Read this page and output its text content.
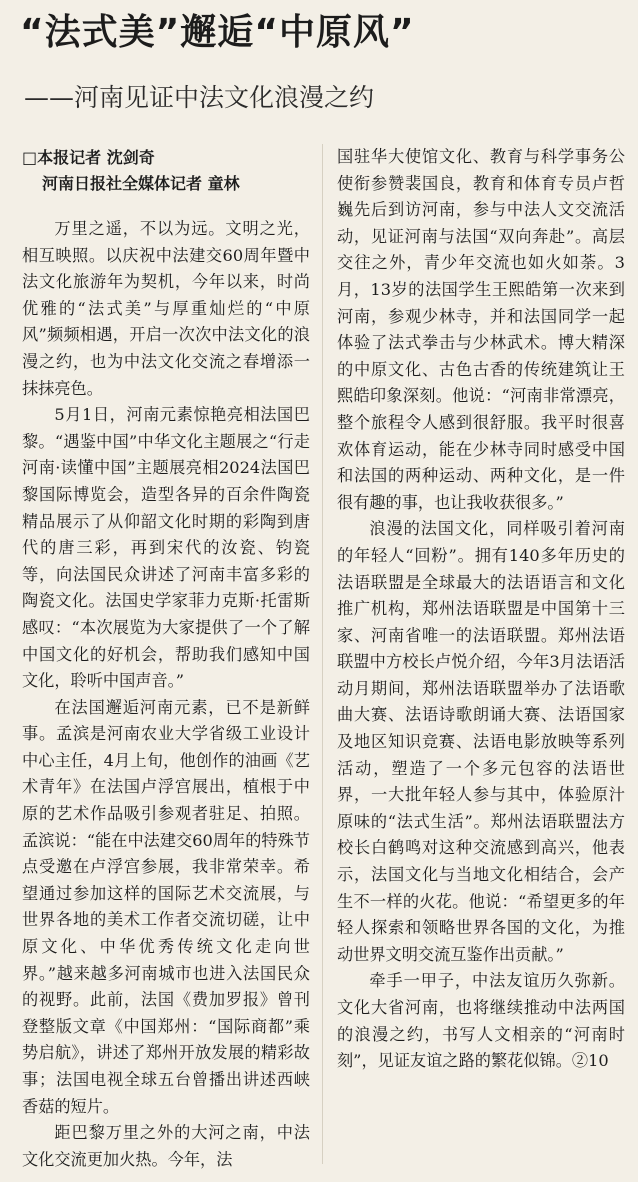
“法式美”邂逅“中原风”
——河南见证中法文化浪漫之约
□本报记者 沈剑奇
河南日报社全媒体记者 童林

万里之遥，不以为远。文明之光，相互映照。以庆祝中法建交60周年暨中法文化旅游年为契机，今年以来，时尚优雅的“法式美”与厚重灿烂的“中原风”频频相遇，开启一次次中法文化的浪漫之约，也为中法文化交流之春增添一抹抹亮色。

5月1日，河南元素惊艳亮相法国巴黎。“遇鉴中国”中华文化主题展之“行走河南·读懂中国”主题展亮相2024法国巴黎国际博览会，造型各异的百余件陶瓷精品展示了从仰韶文化时期的彩陶到唐代的唐三彩，再到宋代的汝瓷、钧瓷等，向法国民众讲述了河南丰富多彩的陶瓷文化。法国史学家菲力克斯·托雷斯感叹：“本次展览为大家提供了一个了解中国文化的好机会，帮助我们感知中国文化，聆听中国声音。”

在法国邂逅河南元素，已不是新鲜事。孟滨是河南农业大学省级工业设计中心主任，4月上旬，他创作的油画《艺术青年》在法国卢浮宫展出，植根于中原的艺术作品吸引参观者驻足、拍照。孟滨说：“能在中法建交60周年的特殊节点受邀在卢浮宫参展，我非常荣幸。希望通过参加这样的国际艺术交流展，与世界各地的美术工作者交流切磋，让中原文化、中华优秀传统文化走向世界。”越来越多河南城市也进入法国民众的视野。此前，法国《费加罗报》曾刊登整版文章《中国郑州：“国际商都”乘势启航》，讲述了郑州开放发展的精彩故事；法国电视全球五台曾播出讲述西峡香菇的短片。

距巴黎万里之外的大河之南，中法文化交流更加火热。今年，法

国驻华大使馆文化、教育与科学事务公使衔参赞裴国良，教育和体育专员卢哲巍先后到访河南，参与中法人文交流活动，见证河南与法国“双向奔赴”。高层交往之外，青少年交流也如火如荼。3月，13岁的法国学生王熙皓第一次来到河南，参观少林寺，并和法国同学一起体验了法式拳击与少林武术。博大精深的中原文化、古色古香的传统建筑让王熙皓印象深刻。他说：“河南非常漂亮，整个旅程令人感到很舒服。我平时很喜欢体育运动，能在少林寺同时感受中国和法国的两种运动、两种文化，是一件很有趣的事，也让我收获很多。”

浪漫的法国文化，同样吸引着河南的年轻人“回粉”。拥有140多年历史的法语联盟是全球最大的法语语言和文化推广机构，郑州法语联盟是中国第十三家、河南省唯一的法语联盟。郑州法语联盟中方校长卢悦介绍，今年3月法语活动月期间，郑州法语联盟举办了法语歌曲大赛、法语诗歌朗诵大赛、法语国家及地区知识竞赛、法语电影放映等系列活动，塑造了一个多元包容的法语世界，一大批年轻人参与其中，体验原汁原味的“法式生活”。郑州法语联盟法方校长白鹤鸣对这种交流感到高兴，他表示，法国文化与当地文化相结合，会产生不一样的火花。他说：“希望更多的年轻人探索和领略世界各国的文化，为推动世界文明交流互鉴作出贡献。”

牵手一甲子，中法友谊历久弥新。文化大省河南，也将继续推动中法两国的浪漫之约，书写人文相亲的“河南时刻”，见证友谊之路的繁花似锦。②10
